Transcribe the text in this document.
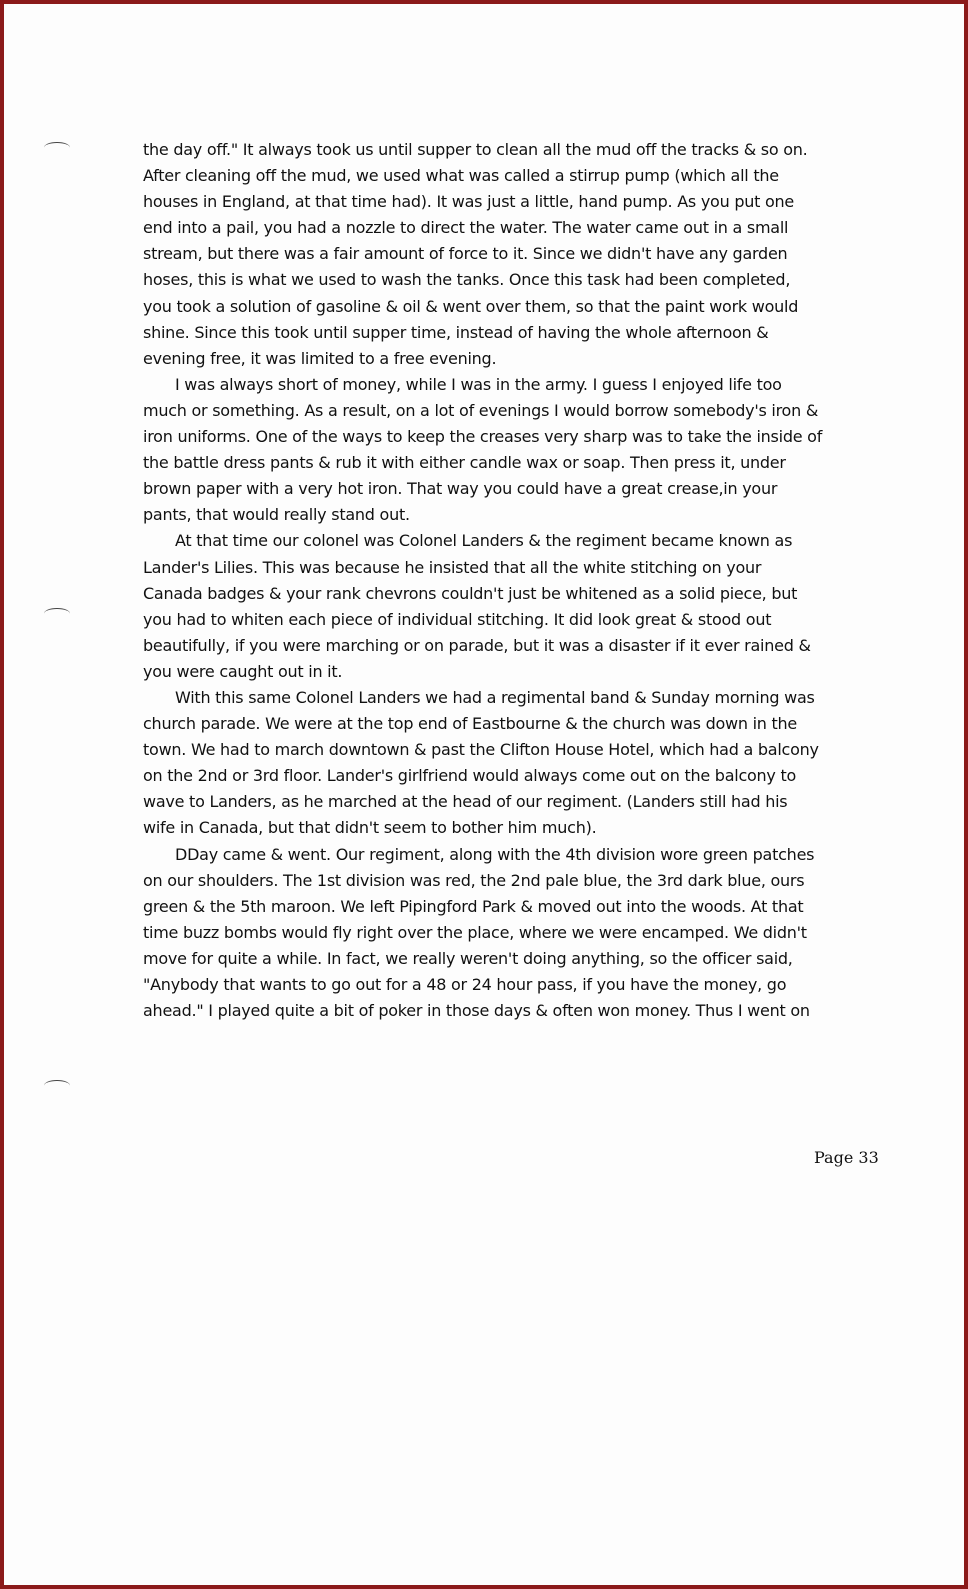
the day off." It always took us until supper to clean all the mud off the tracks & so on. After cleaning off the mud, we used what was called a stirrup pump (which all the houses in England, at that time had). It was just a little, hand pump. As you put one end into a pail, you had a nozzle to direct the water. The water came out in a small stream, but there was a fair amount of force to it. Since we didn't have any garden hoses, this is what we used to wash the tanks. Once this task had been completed, you took a solution of gasoline & oil & went over them, so that the paint work would shine. Since this took until supper time, instead of having the whole afternoon & evening free, it was limited to a free evening.

I was always short of money, while I was in the army. I guess I enjoyed life too much or something. As a result, on a lot of evenings I would borrow somebody's iron & iron uniforms. One of the ways to keep the creases very sharp was to take the inside of the battle dress pants & rub it with either candle wax or soap. Then press it, under brown paper with a very hot iron. That way you could have a great crease,in your pants, that would really stand out.

At that time our colonel was Colonel Landers & the regiment became known as Lander's Lilies. This was because he insisted that all the white stitching on your Canada badges & your rank chevrons couldn't just be whitened as a solid piece, but you had to whiten each piece of individual stitching. It did look great & stood out beautifully, if you were marching or on parade, but it was a disaster if it ever rained & you were caught out in it.

With this same Colonel Landers we had a regimental band & Sunday morning was church parade. We were at the top end of Eastbourne & the church was down in the town. We had to march downtown & past the Clifton House Hotel, which had a balcony on the 2nd or 3rd floor. Lander's girlfriend would always come out on the balcony to wave to Landers, as he marched at the head of our regiment. (Landers still had his wife in Canada, but that didn't seem to bother him much).

DDay came & went. Our regiment, along with the 4th division wore green patches on our shoulders. The 1st division was red, the 2nd pale blue, the 3rd dark blue, ours green & the 5th maroon. We left Pipingford Park & moved out into the woods. At that time buzz bombs would fly right over the place, where we were encamped. We didn't move for quite a while. In fact, we really weren't doing anything, so the officer said, "Anybody that wants to go out for a 48 or 24 hour pass, if you have the money, go ahead." I played quite a bit of poker in those days & often won money. Thus I went on

Page 33
